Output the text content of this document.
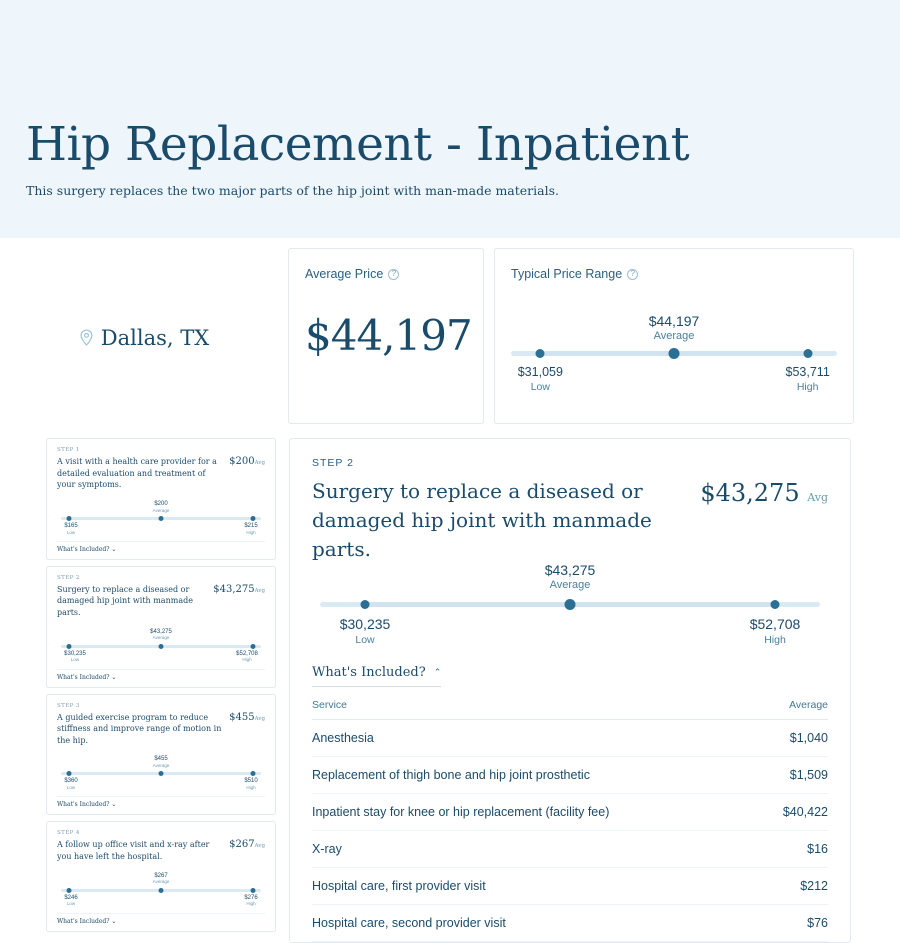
Hip Replacement - Inpatient

This surgery replaces the two major parts of the hip joint with man-made materials.

Dallas, TX
Average Price	?
$44,197
Typical Price Range	?
$44,197
Average
$31,059
Low
$53,711
High
STEP 1
A visit with a health care provider for a detailed evaluation and treatment of your symptoms.
$200Avg
$200
Average
$165
Low
$215
High
What's Included? ⌄
STEP 2
Surgery to replace a diseased or damaged hip joint with manmade parts.
$43,275Avg
$43,275
Average
$30,235
Low
$52,708
High
What's Included? ⌄
STEP 3
A guided exercise program to reduce stiffness and improve range of motion in the hip.
$455Avg
$455
Average
$360
Low
$510
High
What's Included? ⌄
STEP 4
A follow up office visit and x-ray after you have left the hospital.
$267Avg
$267
Average
$246
Low
$276
High
What's Included? ⌄
STEP 2
Surgery to replace a diseased or damaged hip joint with manmade parts.
$43,275 Avg
$43,275
Average
$30,235
Low
$52,708
High
What's Included? ⌃
Service	Average
Anesthesia	$1,040
Replacement of thigh bone and hip joint prosthetic	$1,509
Inpatient stay for knee or hip replacement (facility fee)	$40,422
X-ray	$16
Hospital care, first provider visit	$212
Hospital care, second provider visit	$76
